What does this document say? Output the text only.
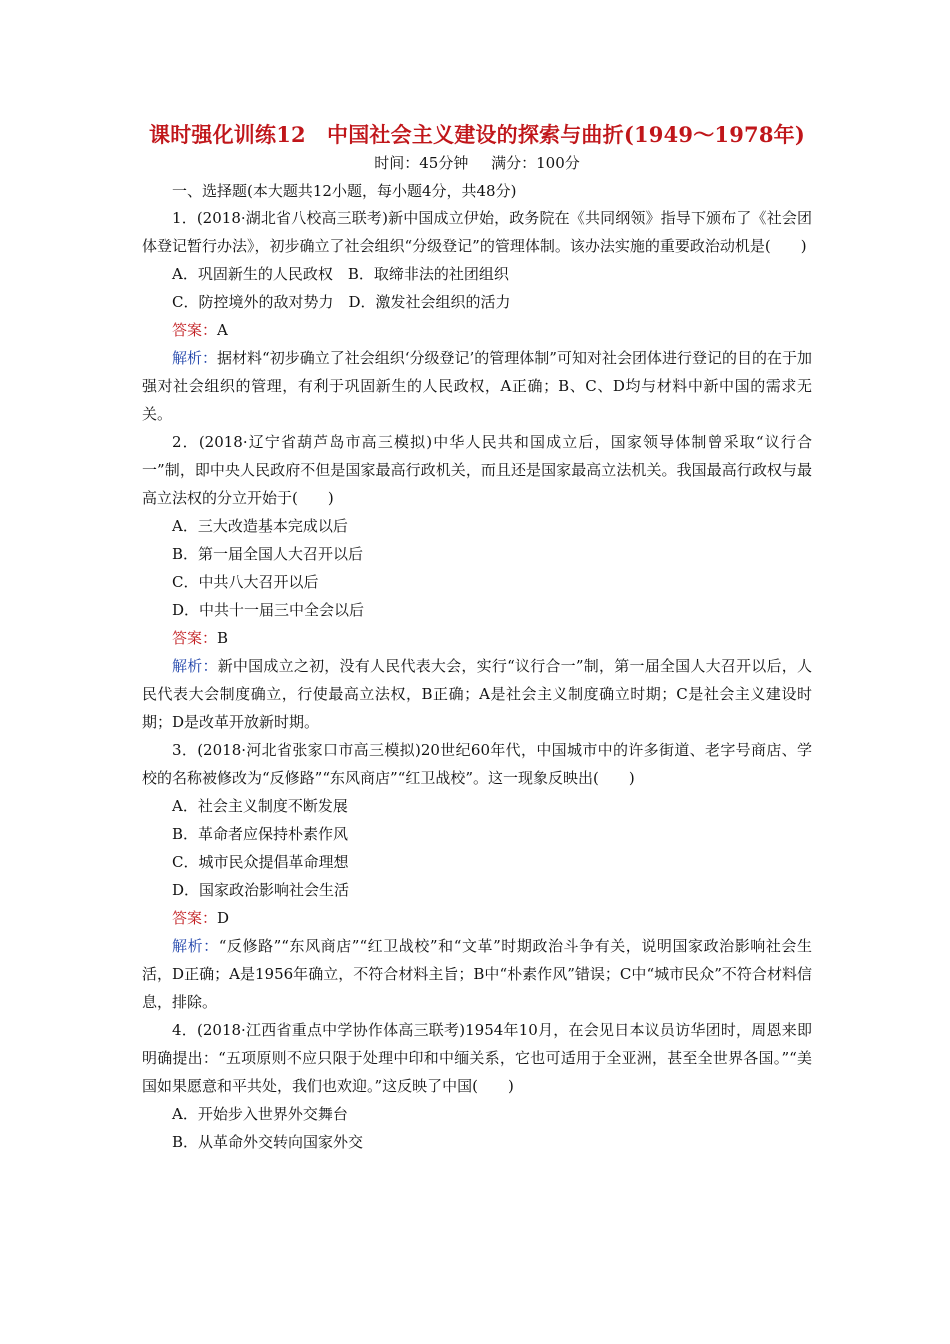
课时强化训练12　中国社会主义建设的探索与曲折(1949～1978年)

时间：45分钟 满分：100分

一、选择题(本大题共12小题，每小题4分，共48分)

1．(2018·湖北省八校高三联考)新中国成立伊始，政务院在《共同纲领》指导下颁布了《社会团体登记暂行办法》，初步确立了社会组织“分级登记”的管理体制。该办法实施的重要政治动机是(　　)

A．巩固新生的人民政权　B．取缔非法的社团组织

C．防控境外的敌对势力　D．激发社会组织的活力

答案：A

解析：据材料“初步确立了社会组织‘分级登记’的管理体制”可知对社会团体进行登记的目的在于加强对社会组织的管理，有利于巩固新生的人民政权，A正确；B、C、D均与材料中新中国的需求无关。

2．(2018·辽宁省葫芦岛市高三模拟)中华人民共和国成立后，国家领导体制曾采取“议行合一”制，即中央人民政府不但是国家最高行政机关，而且还是国家最高立法机关。我国最高行政权与最高立法权的分立开始于(　　)

A．三大改造基本完成以后

B．第一届全国人大召开以后

C．中共八大召开以后

D．中共十一届三中全会以后

答案：B

解析：新中国成立之初，没有人民代表大会，实行“议行合一”制，第一届全国人大召开以后，人民代表大会制度确立，行使最高立法权，B正确；A是社会主义制度确立时期；C是社会主义建设时期；D是改革开放新时期。

3．(2018·河北省张家口市高三模拟)20世纪60年代，中国城市中的许多街道、老字号商店、学校的名称被修改为“反修路”“东风商店”“红卫战校”。这一现象反映出(　　)

A．社会主义制度不断发展

B．革命者应保持朴素作风

C．城市民众提倡革命理想

D．国家政治影响社会生活

答案：D

解析：“反修路”“东风商店”“红卫战校”和“文革”时期政治斗争有关，说明国家政治影响社会生活，D正确；A是1956年确立，不符合材料主旨；B中“朴素作风”错误；C中“城市民众”不符合材料信息，排除。

4．(2018·江西省重点中学协作体高三联考)1954年10月，在会见日本议员访华团时，周恩来即明确提出：“五项原则不应只限于处理中印和中缅关系，它也可适用于全亚洲，甚至全世界各国。”“美国如果愿意和平共处，我们也欢迎。”这反映了中国(　　)

A．开始步入世界外交舞台

B．从革命外交转向国家外交
